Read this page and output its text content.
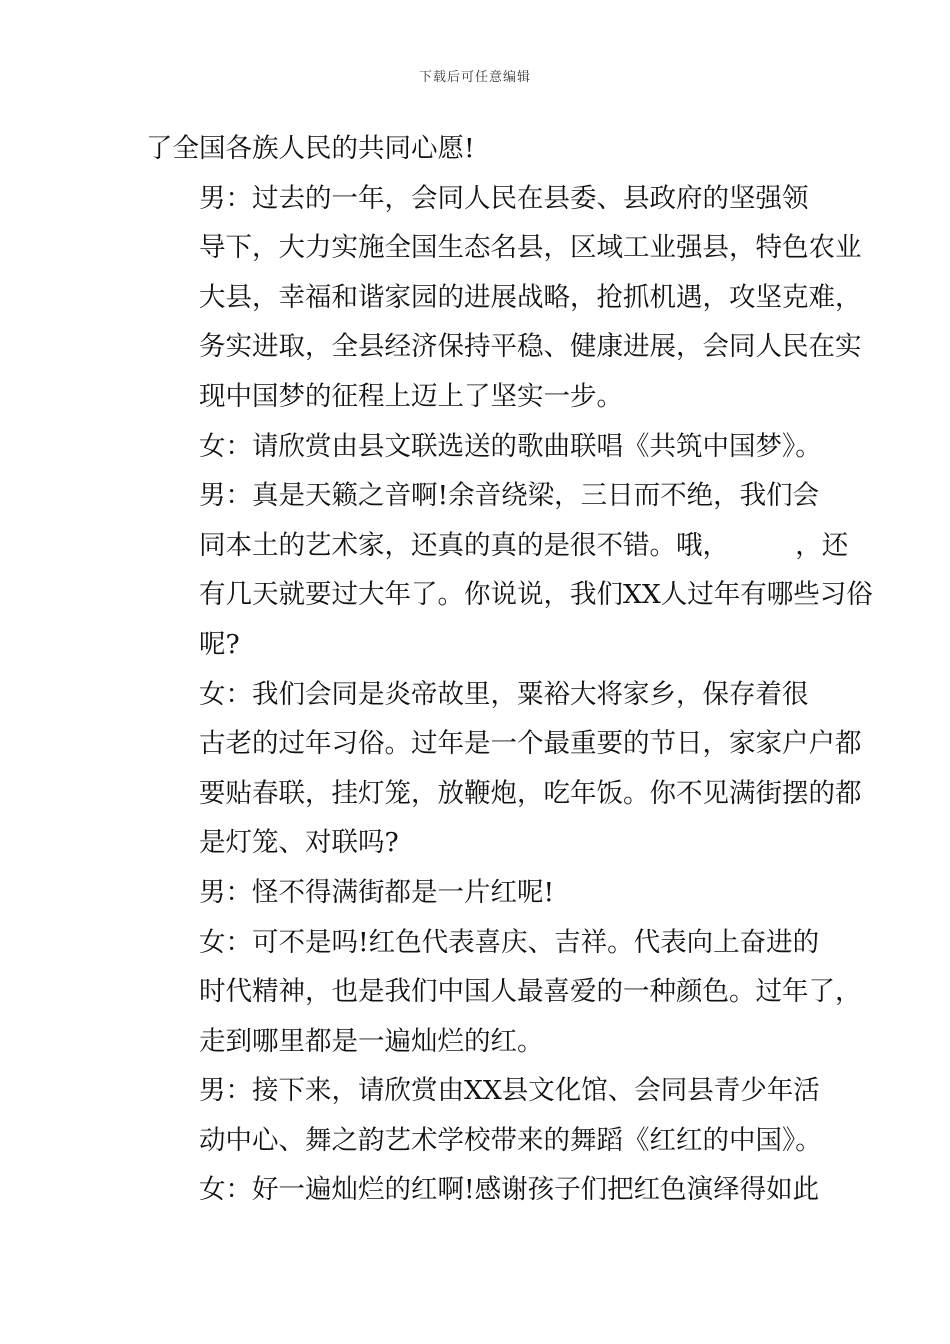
下载后可任意编辑

了全国各族人民的共同心愿!

男：过去的一年，会同人民在县委、县政府的坚强领
导下，大力实施全国生态名县，区域工业强县，特色农业
大县，幸福和谐家园的进展战略，抢抓机遇，攻坚克难，
务实进取，全县经济保持平稳、健康进展，会同人民在实
现中国梦的征程上迈上了坚实一步。

女：请欣赏由县文联选送的歌曲联唱《共筑中国梦》。

男：真是天籁之音啊!余音绕梁，三日而不绝，我们会
同本土的艺术家，还真的真的是很不错。哦，　　　，还
有几天就要过大年了。你说说，我们XX人过年有哪些习俗
呢?

女：我们会同是炎帝故里，粟裕大将家乡，保存着很
古老的过年习俗。过年是一个最重要的节日，家家户户都
要贴春联，挂灯笼，放鞭炮，吃年饭。你不见满街摆的都
是灯笼、对联吗?

男：怪不得满街都是一片红呢!

女：可不是吗!红色代表喜庆、吉祥。代表向上奋进的
时代精神，也是我们中国人最喜爱的一种颜色。过年了，
走到哪里都是一遍灿烂的红。

男：接下来，请欣赏由XX县文化馆、会同县青少年活
动中心、舞之韵艺术学校带来的舞蹈《红红的中国》。

女：好一遍灿烂的红啊!感谢孩子们把红色演绎得如此
